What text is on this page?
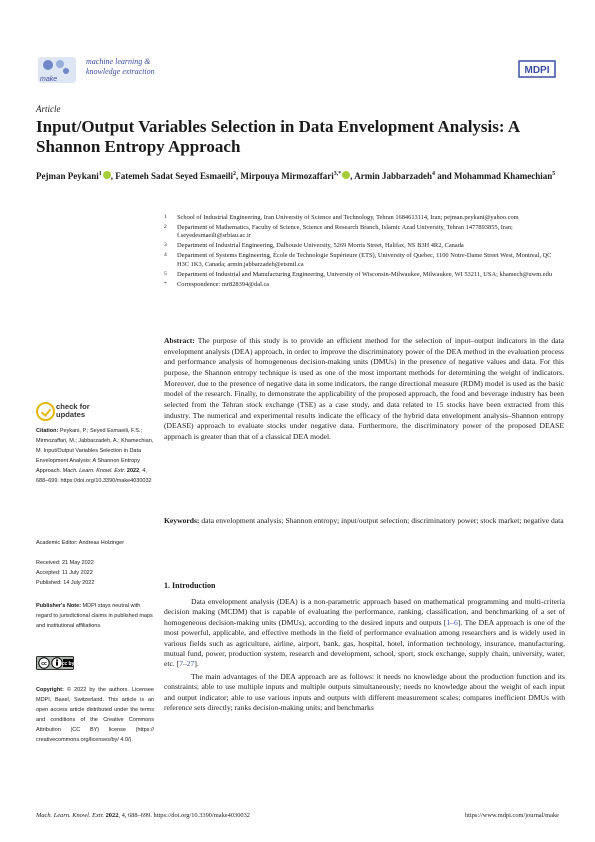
make
machine learning &
knowledge extraction	MDPI
Article
Input/Output Variables Selection in Data Envelopment Analysis: A Shannon Entropy Approach
Pejman Peykani$^1$ , Fatemeh Sadat Seyed Esmaeili$^2$, Mirpouya Mirmozaffari$^{3,*}$ , Armin Jabbarzadeh$^4$ and Mohammad Khamechian$^5$
1 School of Industrial Engineering, Iran University of Science and Technology, Tehran 1684613114, Iran; pejman.peykani@yahoo.com
2 Department of Mathematics, Faculty of Science, Science and Research Branch, Islamic Azad University, Tehran 1477893855, Iran; f.seyedesmaeili@srbiau.ac.ir
3 Department of Industrial Engineering, Dalhousie University, 5269 Morris Street, Halifax, NS B3H 4R2, Canada
4 Department of Systems Engineering, École de Technologie Supérieure (ETS), University of Quebec, 1100 Notre-Dame Street West, Montreal, QC H3C 1K3, Canada; armin.jabbarzadeh@etsmtl.ca
5 Department of Industrial and Manufacturing Engineering, University of Wisconsin-Milwaukee, Milwaukee, WI 53211, USA; khamech@uwm.edu
* Correspondence: mr828394@dal.ca
Abstract: The purpose of this study is to provide an efficient method for the selection of input–output indicators in the data envelopment analysis (DEA) approach, in order to improve the discriminatory power of the DEA method in the evaluation process and performance analysis of homogeneous decision-making units (DMUs) in the presence of negative values and data. For this purpose, the Shannon entropy technique is used as one of the most important methods for determining the weight of indicators. Moreover, due to the presence of negative data in some indicators, the range directional measure (RDM) model is used as the basic model of the research. Finally, to demonstrate the applicability of the proposed approach, the food and beverage industry has been selected from the Tehran stock exchange (TSE) as a case study, and data related to 15 stocks have been extracted from this industry. The numerical and experimental results indicate the efficacy of the hybrid data envelopment analysis–Shannon entropy (DEASE) approach to evaluate stocks under negative data. Furthermore, the discriminatory power of the proposed DEASE approach is greater than that of a classical DEA model.
Keywords: data envelopment analysis; Shannon entropy; input/output selection; discriminatory power; stock market; negative data
1. Introduction

Data envelopment analysis (DEA) is a non-parametric approach based on mathematical programming and multi-criteria decision making (MCDM) that is capable of evaluating the performance, ranking, classification, and benchmarking of a set of homogeneous decision-making units (DMUs), according to the desired inputs and outputs [1–6]. The DEA approach is one of the most powerful, applicable, and effective methods in the field of performance evaluation among researchers and is widely used in various fields such as agriculture, airline, airport, bank, gas, hospital, hotel, information technology, insurance, manufacturing, mutual fund, power, production system, research and development, school, sport, stock exchange, supply chain, university, water, etc. [7–27].

The main advantages of the DEA approach are as follows: it needs no knowledge about the production function and its constraints; able to use multiple inputs and multiple outputs simultaneously; needs no knowledge about the weight of each input and output indicator; able to use various inputs and outputs with different measurement scales; compares inefficient DMUs with reference sets directly; ranks decision-making units; and benchmarks

check for
updates
Citation: Peykani, P.; Seyed Esmaeili, F.S.; Mirmozaffari, M.; Jabbarzadeh, A.; Khamechian, M. Input/Output Variables Selection in Data Envelopment Analysis: A Shannon Entropy Approach. Mach. Learn. Knowl. Extr. 2022, 4, 688–699. https://doi.org/10.3390/make4030032
Academic Editor: Andreas Holzinger
Received: 21 May 2022
Accepted: 11 July 2022
Published: 14 July 2022
Publisher's Note: MDPI stays neutral with regard to jurisdictional claims in published maps and institutional affiliations.
cc	cc by
Copyright: © 2022 by the authors. Licensee MDPI, Basel, Switzerland. This article is an open access article distributed under the terms and conditions of the Creative Commons Attribution (CC BY) license (https:// creativecommons.org/licenses/by/ 4.0/).
Mach. Learn. Knowl. Extr. 2022, 4, 688–699. https://doi.org/10.3390/make4030032	https://www.mdpi.com/journal/make
